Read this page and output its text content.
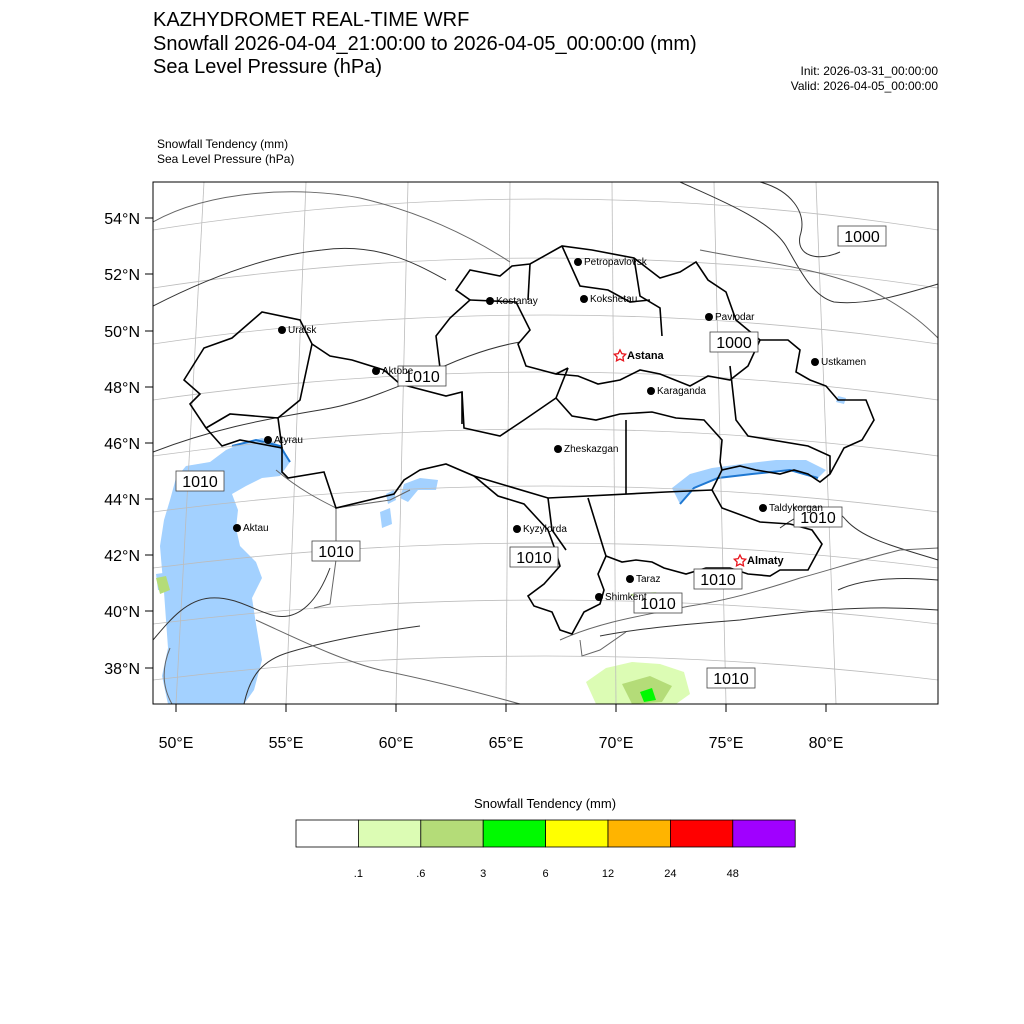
KAZHYDROMET REAL-TIME WRF
Snowfall 2026-04-04_21:00:00 to 2026-04-05_00:00:00 (mm)
Sea Level Pressure (hPa)	Init: 2026-03-31_00:00:00
Valid: 2026-04-05_00:00:00
Snowfall Tendency (mm)
Sea Level Pressure (hPa)
54°N
52°N
50°N
48°N
46°N
44°N
42°N
40°N
38°N
50°E	55°E	60°E	65°E	70°E	75°E	80°E
1000
1000
1010
1010
1010	1010
1010
1010
1010
1010
Petropavlovsk
Kostanay	Kokshetau
Pavlodar
Uralsk
Aktobe
Karaganda
Ustkamen
Atyrau
Zheskazgan
Kyzylorda
Aktau
Taldykorgan
Taraz
Shimkent
Astana
Almaty
.1	.6	3	6	12	24	48
Snowfall Tendency (mm)
